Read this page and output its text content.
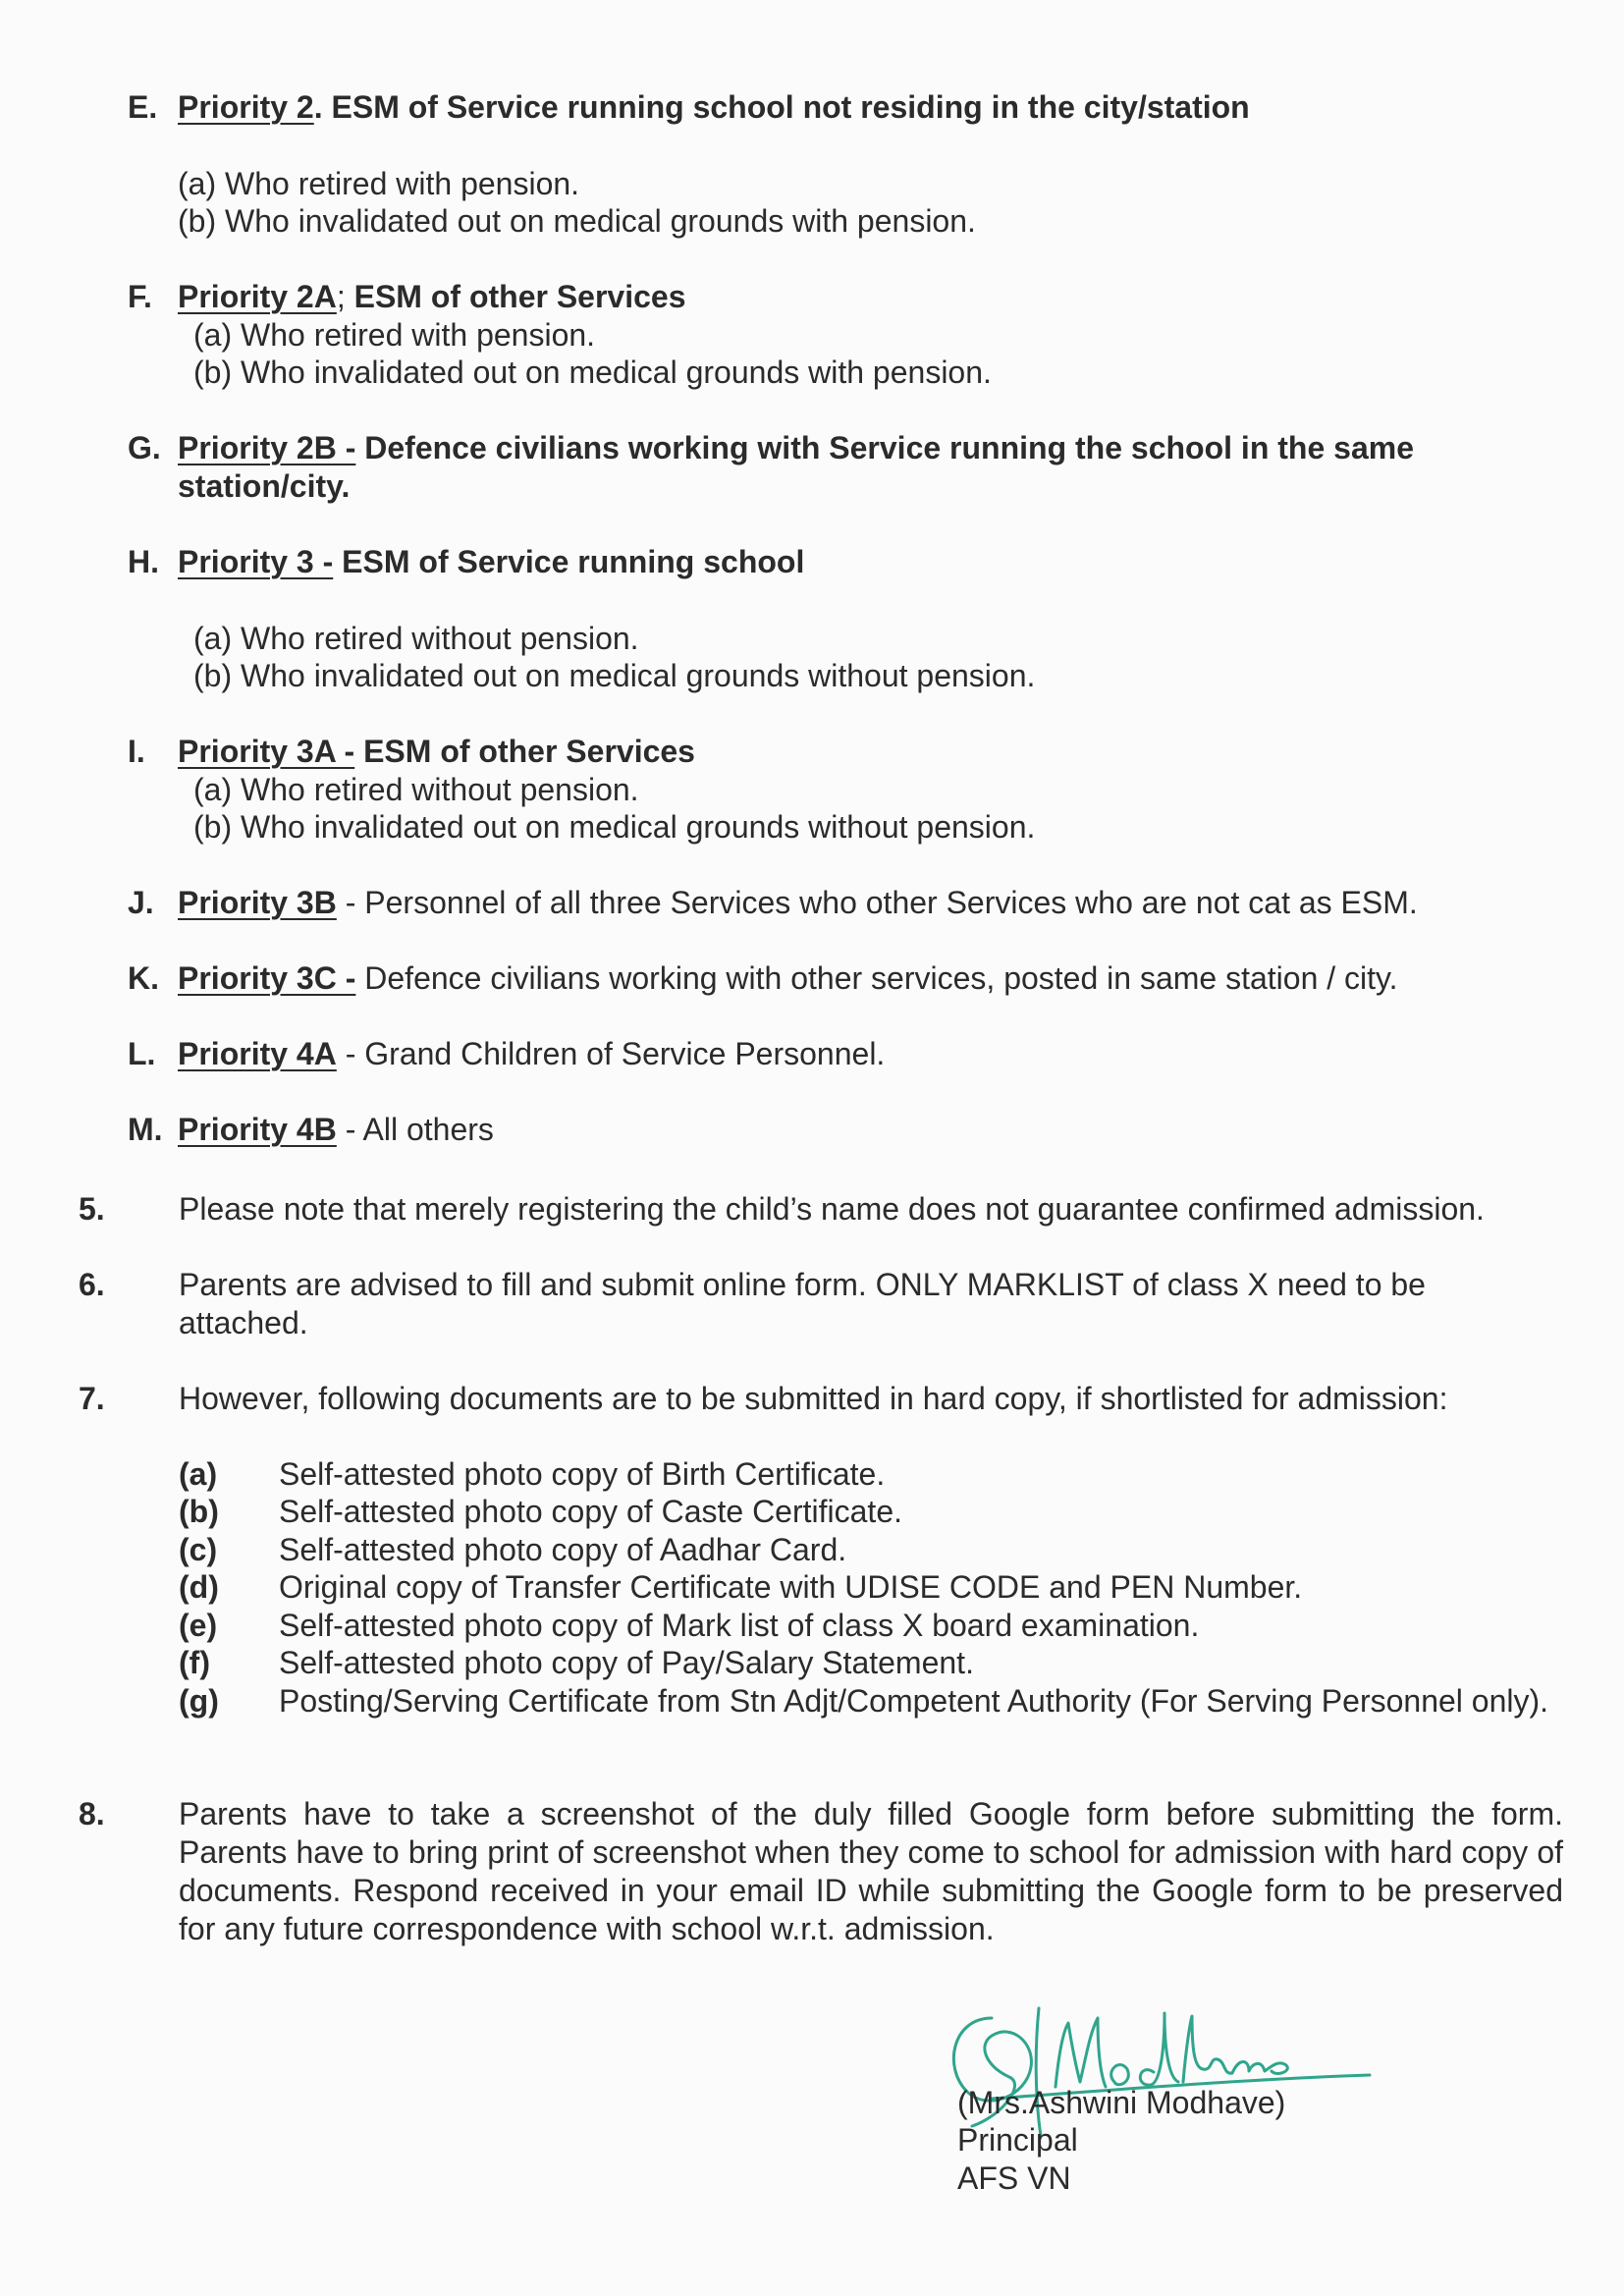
E. Priority 2. ESM of Service running school not residing in the city/station
(a) Who retired with pension.
(b) Who invalidated out on medical grounds with pension.
F. Priority 2A; ESM of other Services
(a) Who retired with pension.
(b) Who invalidated out on medical grounds with pension.
G. Priority 2B - Defence civilians working with Service running the school in the same
station/city.
H. Priority 3 - ESM of Service running school
(a) Who retired without pension.
(b) Who invalidated out on medical grounds without pension.
I. Priority 3A - ESM of other Services
(a) Who retired without pension.
(b) Who invalidated out on medical grounds without pension.
J. Priority 3B - Personnel of all three Services who other Services who are not cat as ESM.
K. Priority 3C - Defence civilians working with other services, posted in same station / city.
L. Priority 4A - Grand Children of Service Personnel.
M. Priority 4B - All others
5. Please note that merely registering the child’s name does not guarantee confirmed admission.
6. Parents are advised to fill and submit online form. ONLY MARKLIST of class X need to be attached.
7. However, following documents are to be submitted in hard copy, if shortlisted for admission:
(a) Self-attested photo copy of Birth Certificate.
(b) Self-attested photo copy of Caste Certificate.
(c) Self-attested photo copy of Aadhar Card.
(d) Original copy of Transfer Certificate with UDISE CODE and PEN Number.
(e) Self-attested photo copy of Mark list of class X board examination.
(f) Self-attested photo copy of Pay/Salary Statement.
(g) Posting/Serving Certificate from Stn Adjt/Competent Authority (For Serving Personnel only).
8. Parents have to take a screenshot of the duly filled Google form before submitting the form. Parents have to bring print of screenshot when they come to school for admission with hard copy of documents. Respond received in your email ID while submitting the Google form to be preserved for any future correspondence with school w.r.t. admission.
(Mrs.Ashwini Modhave)
Principal
AFS VN
